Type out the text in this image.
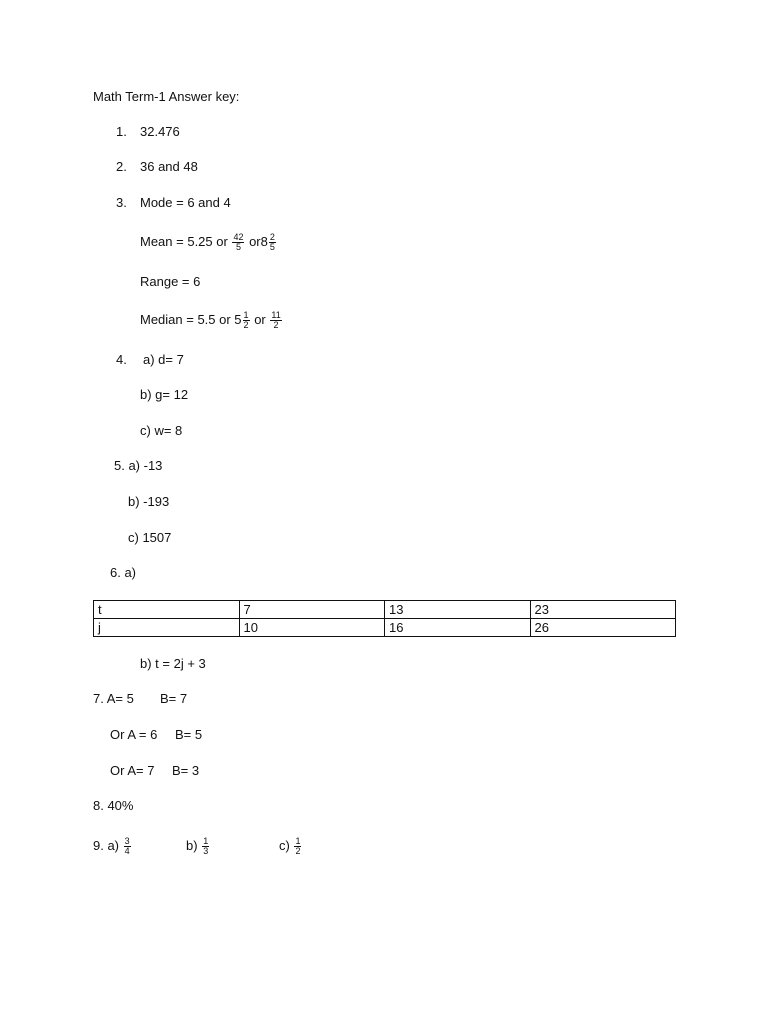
Math Term-1 Answer key:
1. 32.476
2. 36 and 48
3. Mode = 6 and 4
Mean = 5.25 or $\frac{42}{5} or8 \frac{2}{5}$
Range = 6
Median = 5.5 or $5 \frac{1}{2}$ or $\frac{11}{2}$
4. a) d= 7
b) g= 12
c) w= 8
5. a) -13
b) -193
c) 1507
6. a)
t	7	13	23
j	10	16	26
b) t = 2j + 3
7. A= 5 B= 7
Or A = 6 B= 5
Or A= 7 B= 3
8. 40%
9. $a) \frac{3}{4}$	$b) \frac{1}{3}$	$c) \frac{1}{2}$
